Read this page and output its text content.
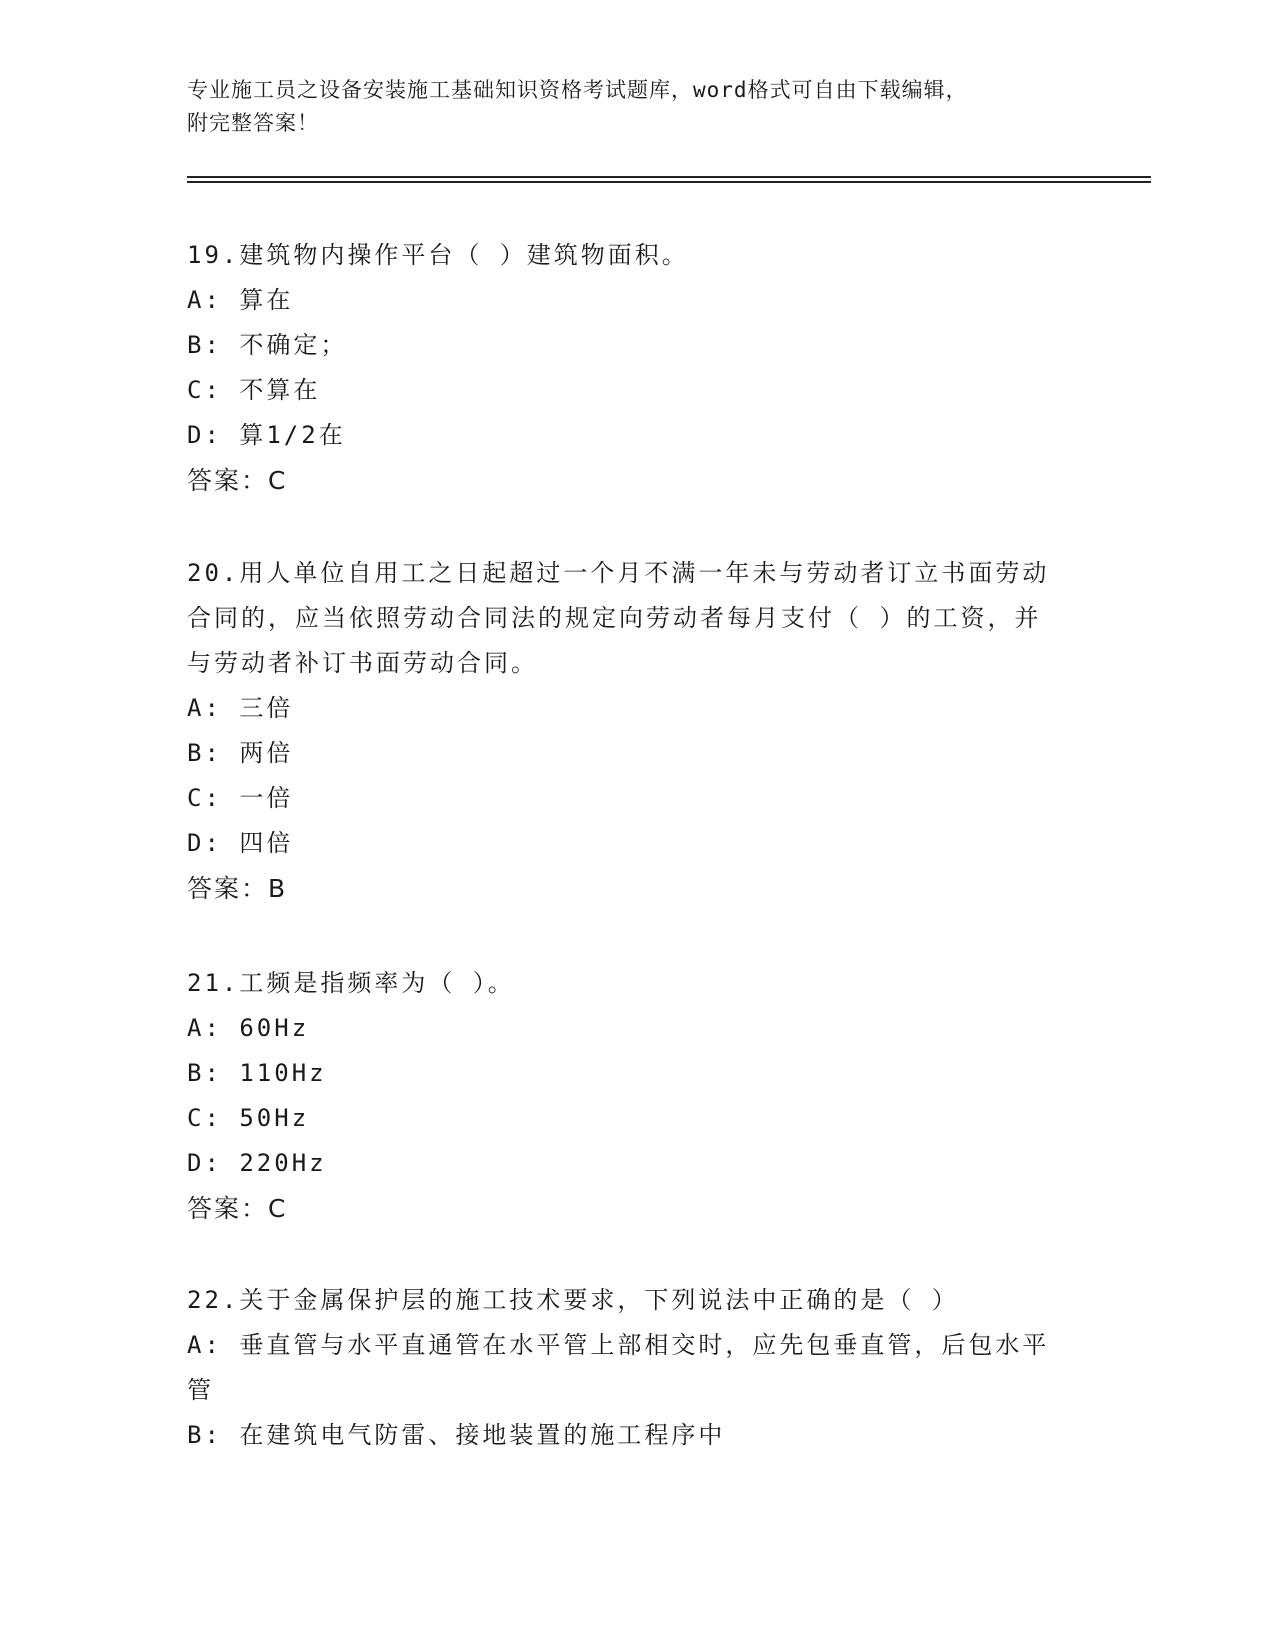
专业施工员之设备安装施工基础知识资格考试题库，word格式可自由下载编辑，
附完整答案！
19.建筑物内操作平台（ ）建筑物面积。
A: 算在
B: 不确定；
C: 不算在
D: 算1/2在
答案：C
20.用人单位自用工之日起超过一个月不满一年未与劳动者订立书面劳动合同的，应当依照劳动合同法的规定向劳动者每月支付（ ）的工资，并与劳动者补订书面劳动合同。
A: 三倍
B: 两倍
C: 一倍
D: 四倍
答案：B
21.工频是指频率为（ ）。
A: 60Hz
B: 110Hz
C: 50Hz
D: 220Hz
答案：C
22.关于金属保护层的施工技术要求，下列说法中正确的是（ ）
A: 垂直管与水平直通管在水平管上部相交时，应先包垂直管，后包水平管
B: 在建筑电气防雷、接地装置的施工程序中
